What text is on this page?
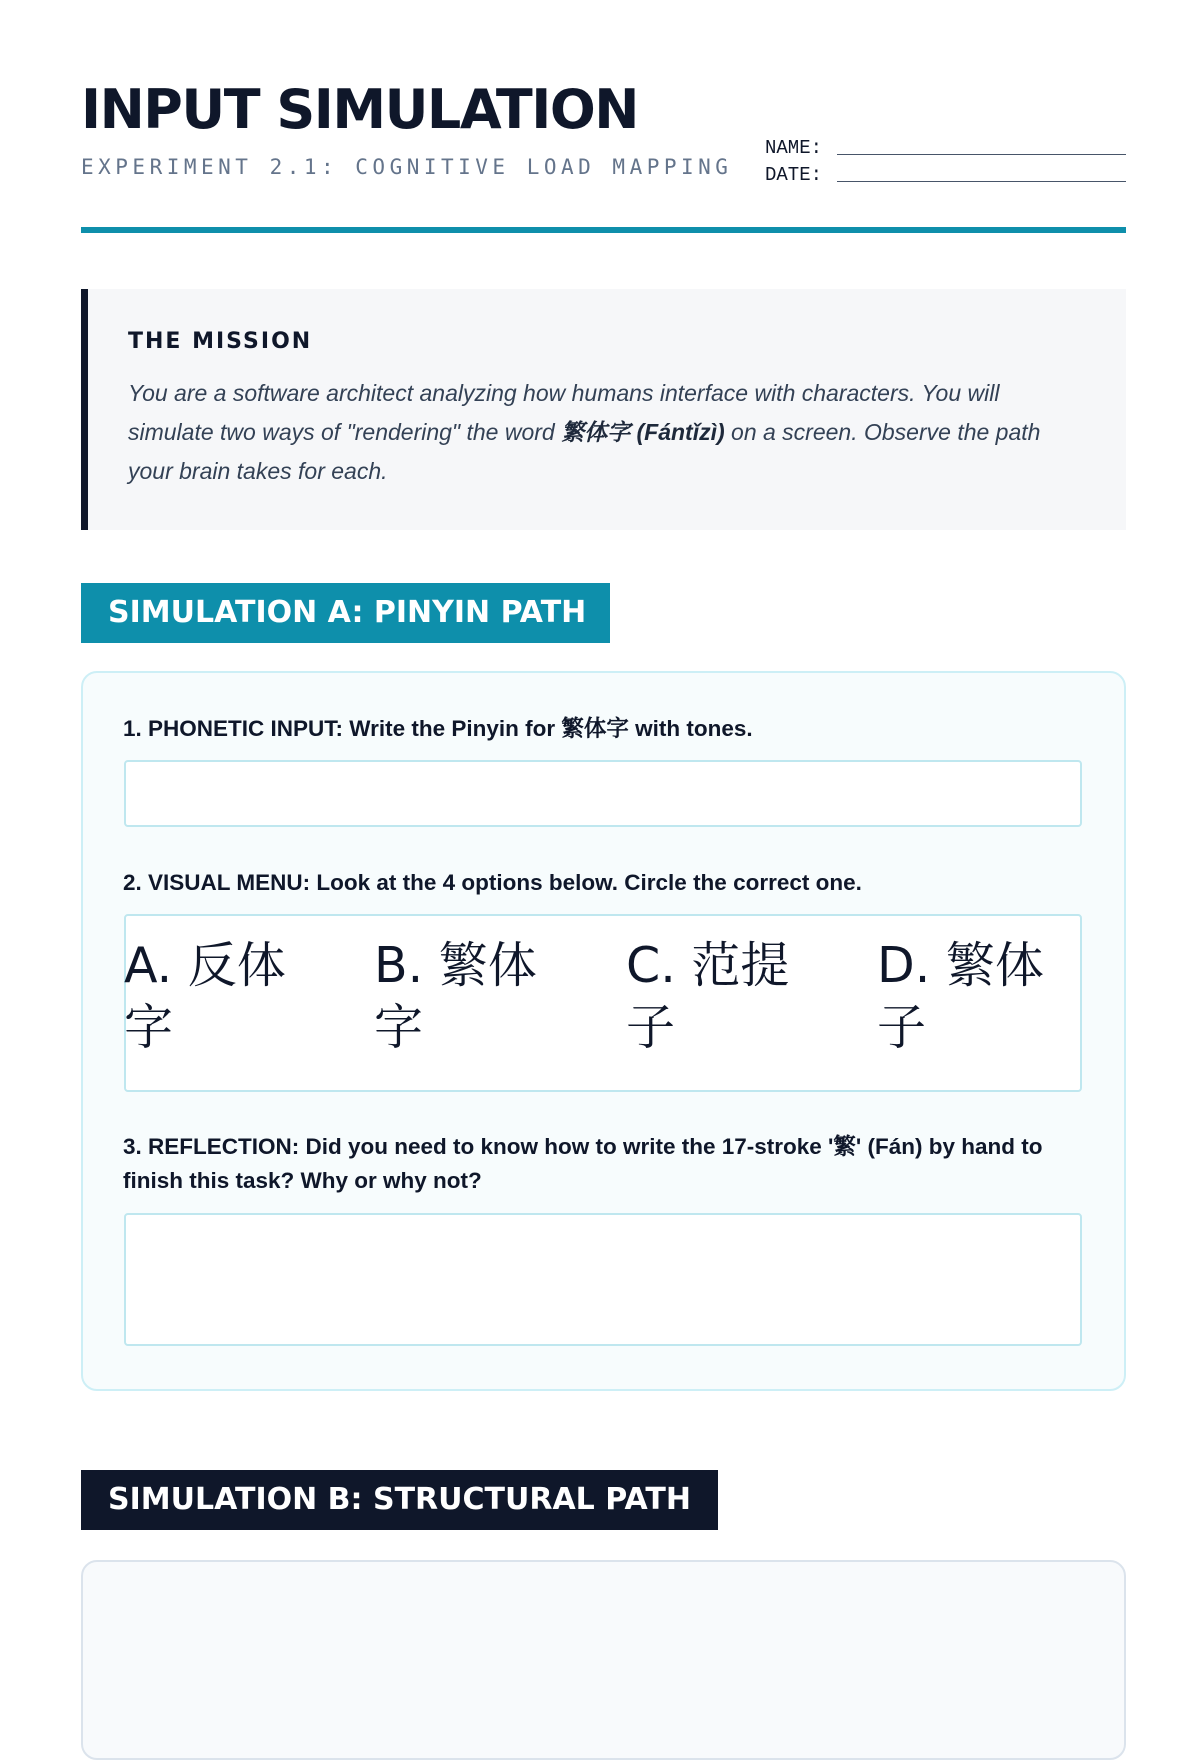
INPUT SIMULATION
EXPERIMENT 2.1: COGNITIVE LOAD MAPPING
NAME:
DATE:
THE MISSION
You are a software architect analyzing how humans interface with characters. You will simulate two ways of "rendering" the word 繁体字 (Fántǐzì) on a screen. Observe the path your brain takes for each.
SIMULATION A: PINYIN PATH
1. PHONETIC INPUT: Write the Pinyin for 繁体字 with tones.
2. VISUAL MENU: Look at the 4 options below. Circle the correct one.
A. 反体字
B. 繁体字
C. 范提子
D. 繁体子
3. REFLECTION: Did you need to know how to write the 17-stroke '繁' (Fán) by hand to finish this task? Why or why not?
SIMULATION B: STRUCTURAL PATH
